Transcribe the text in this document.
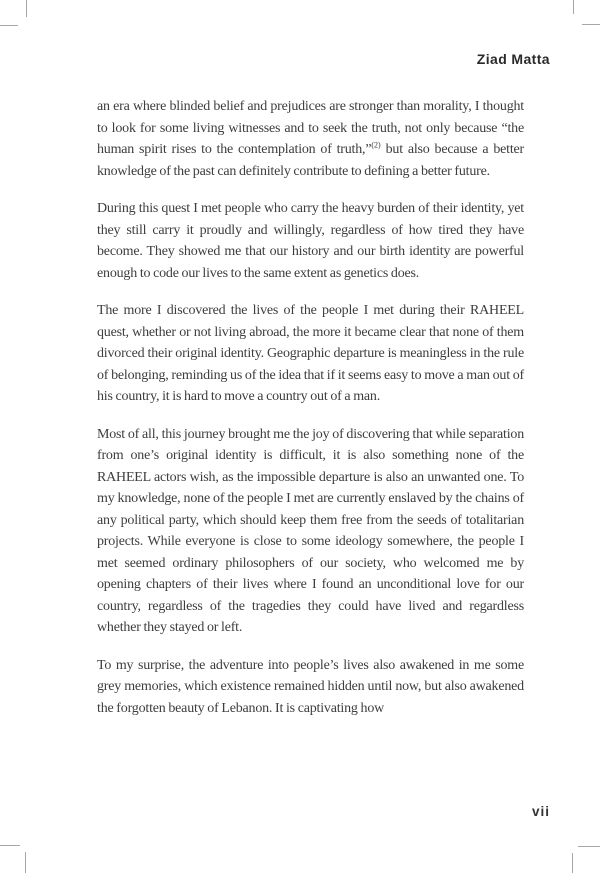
Ziad Matta

an era where blinded belief and prejudices are stronger than morality, I thought to look for some living witnesses and to seek the truth, not only because “the human spirit rises to the contemplation of truth,”$^{(2)}$ but also because a better knowledge of the past can definitely contribute to defining a better future.

During this quest I met people who carry the heavy burden of their identity, yet they still carry it proudly and willingly, regardless of how tired they have become. They showed me that our history and our birth identity are powerful enough to code our lives to the same extent as genetics does.

The more I discovered the lives of the people I met during their RAHEEL quest, whether or not living abroad, the more it became clear that none of them divorced their original identity. Geographic departure is meaningless in the rule of belonging, reminding us of the idea that if it seems easy to move a man out of his country, it is hard to move a country out of a man.

Most of all, this journey brought me the joy of discovering that while separation from one’s original identity is difficult, it is also something none of the RAHEEL actors wish, as the impossible departure is also an unwanted one. To my knowledge, none of the people I met are currently enslaved by the chains of any political party, which should keep them free from the seeds of totalitarian projects. While everyone is close to some ideology somewhere, the people I met seemed ordinary philosophers of our society, who welcomed me by opening chapters of their lives where I found an unconditional love for our country, regardless of the tragedies they could have lived and regardless whether they stayed or left.

To my surprise, the adventure into people’s lives also awakened in me some grey memories, which existence remained hidden until now, but also awakened the forgotten beauty of Lebanon. It is captivating how

vii
